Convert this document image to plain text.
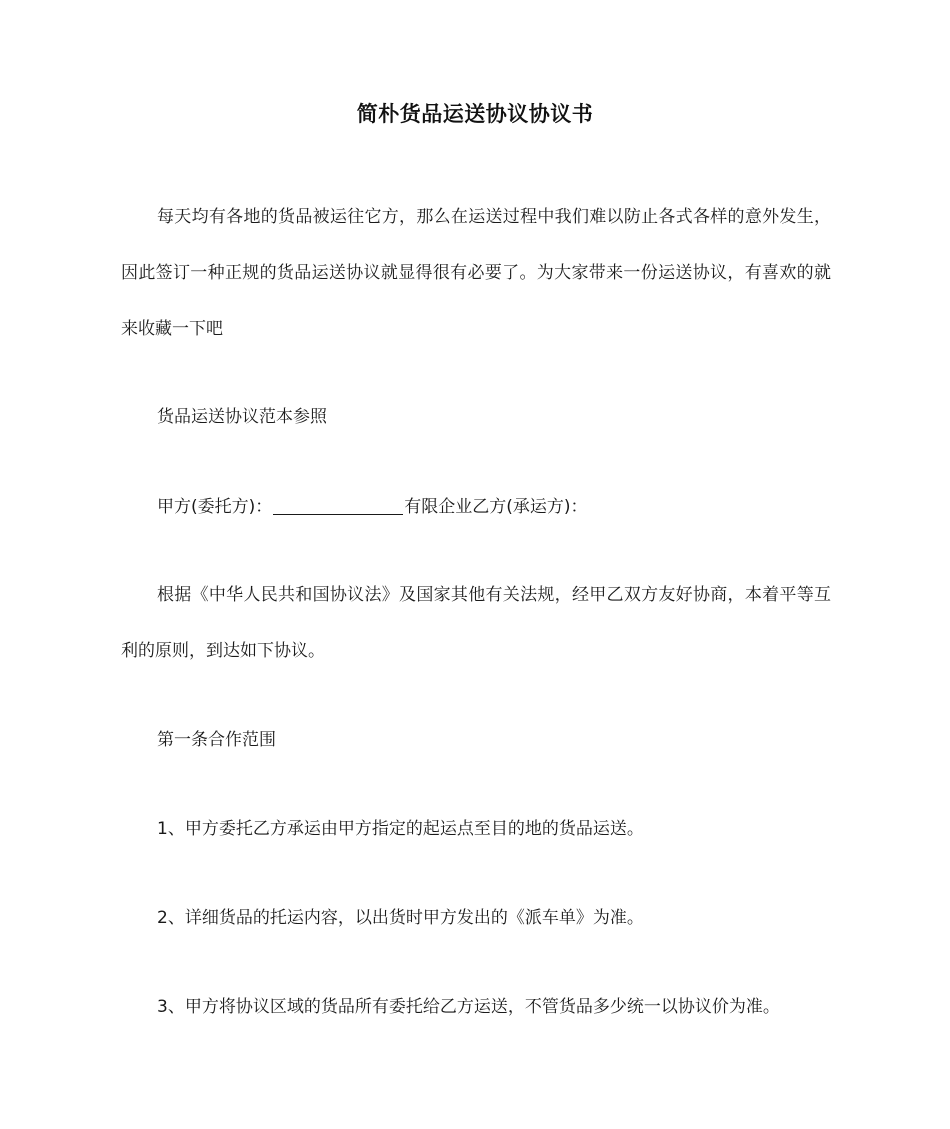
简朴货品运送协议协议书
每天均有各地的货品被运往它方，那么在运送过程中我们难以防止各式各样的意外发生，因此签订一种正规的货品运送协议就显得很有必要了。为大家带来一份运送协议，有喜欢的就来收藏一下吧
货品运送协议范本参照
甲方(委托方)：	有限企业乙方(承运方)：
根据《中华人民共和国协议法》及国家其他有关法规，经甲乙双方友好协商，本着平等互利的原则，到达如下协议。
第一条合作范围
1、甲方委托乙方承运由甲方指定的起运点至目的地的货品运送。
2、详细货品的托运内容，以出货时甲方发出的《派车单》为准。
3、甲方将协议区域的货品所有委托给乙方运送，不管货品多少统一以协议价为准。
